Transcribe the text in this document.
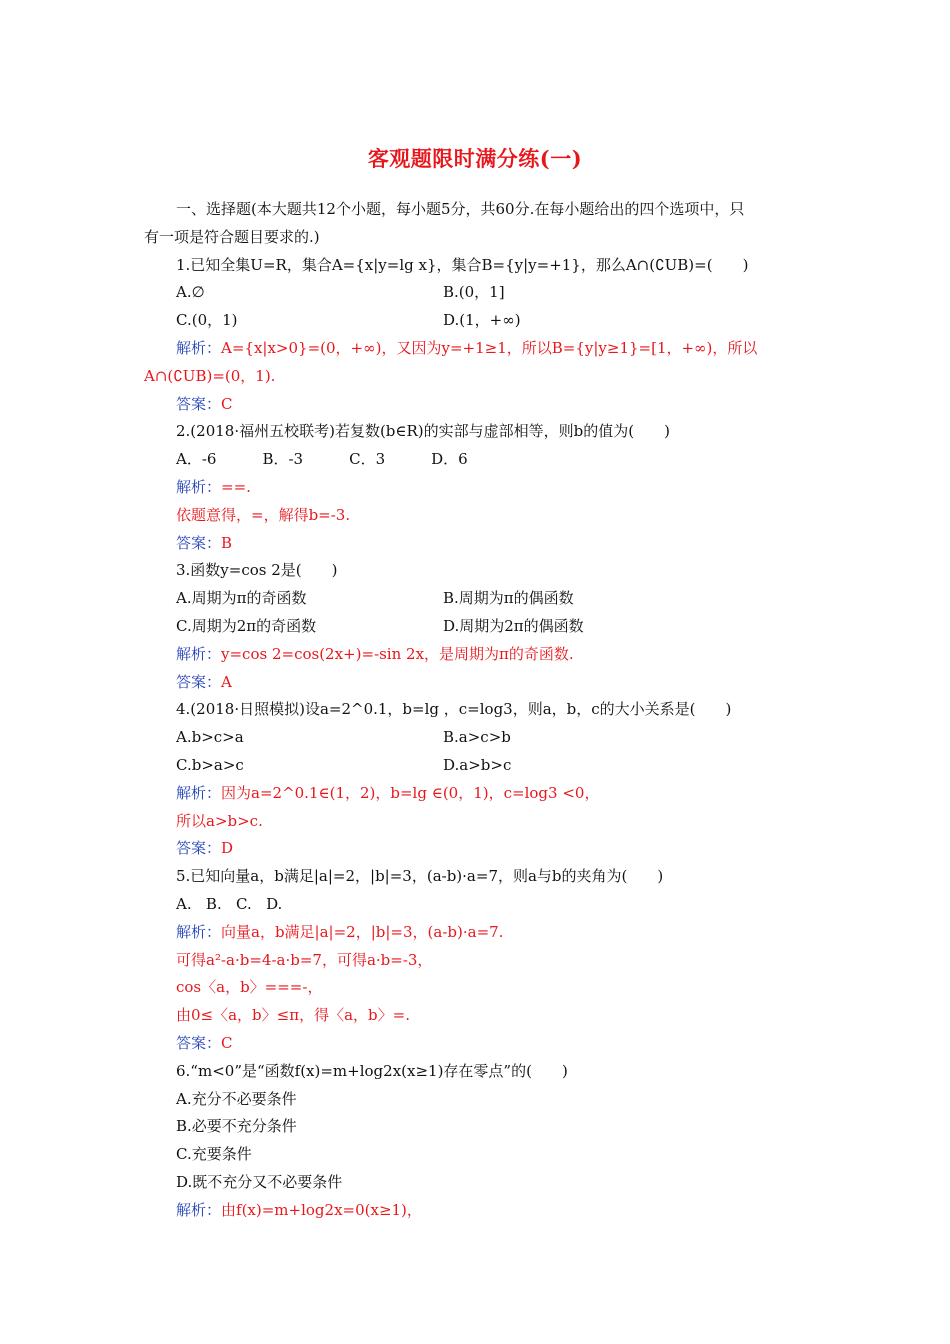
客观题限时满分练(一)
一、选择题(本大题共12个小题，每小题5分，共60分.在每小题给出的四个选项中，只
有一项是符合题目要求的.)
1.已知全集U=R，集合A={x|y=lg x}，集合B={y|y=+1}，那么A∩(∁UB)=(　　)
A.∅	B.(0，1]
C.(0，1)	D.(1，+∞)
解析：A={x|x>0}=(0，+∞)，又因为y=+1≥1，所以B={y|y≥1}=[1，+∞)，所以
A∩(∁UB)=(0，1).
答案：C
2.(2018·福州五校联考)若复数(b∈R)的实部与虚部相等，则b的值为(　　)
A．-6	B．-3	C．3	D．6
解析：==.
依题意得，=，解得b=-3.
答案：B
3.函数y=cos 2是(　　)
A.周期为π的奇函数	B.周期为π的偶函数
C.周期为2π的奇函数	D.周期为2π的偶函数
解析：y=cos 2=cos(2x+)=-sin 2x，是周期为π的奇函数.
答案：A
4.(2018·日照模拟)设a=2^0.1，b=lg ，c=log3，则a，b，c的大小关系是(　　)
A.b>c>a	B.a>c>b
C.b>a>c	D.a>b>c
解析：因为a=2^0.1∈(1，2)，b=lg ∈(0，1)，c=log3 <0，
所以a>b>c.
答案：D
5.已知向量a，b满足|a|=2，|b|=3，(a-b)·a=7，则a与b的夹角为(　　)
A. B. C. D.
解析：向量a，b满足|a|=2，|b|=3，(a-b)·a=7.
可得a²-a·b=4-a·b=7，可得a·b=-3，
cos〈a，b〉===-，
由0≤〈a，b〉≤π，得〈a，b〉=.
答案：C
6.“m<0”是“函数f(x)=m+log2x(x≥1)存在零点”的(　　)
A.充分不必要条件
B.必要不充分条件
C.充要条件
D.既不充分又不必要条件
解析：由f(x)=m+log2x=0(x≥1)，
